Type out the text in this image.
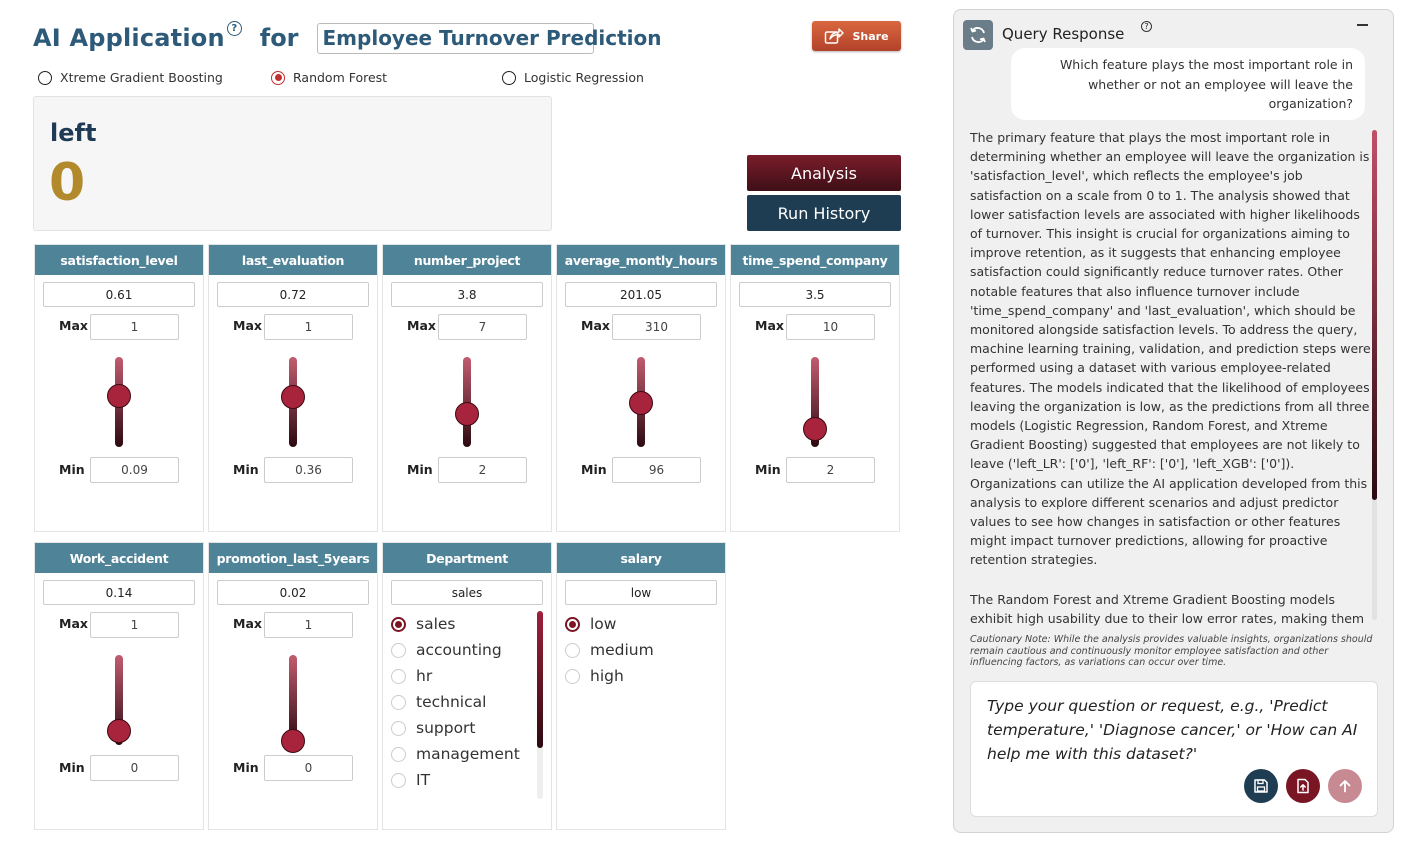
AI Application ? for	Employee Turnover Prediction	Share
Xtreme Gradient Boosting	Random Forest	Logistic Regression
left
0	Analysis
Run History
satisfaction_level
0.61
Max	1
Min	0.09
last_evaluation
0.72
Max	1
Min	0.36
number_project
3.8
Max	7
Min	2
average_montly_hours
201.05
Max	310
Min	96
time_spend_company
3.5
Max	10
Min	2
Work_accident
0.14
Max	1
Min	0
promotion_last_5years
0.02
Max	1
Min	0
Department
sales
sales
accounting
hr
technical
support
management
IT
salary
low
low
medium
high
Query Response	?
Which feature plays the most important role in whether or not an employee will leave the organization?

The primary feature that plays the most important role in determining whether an employee will leave the organization is 'satisfaction_level', which reflects the employee's job satisfaction on a scale from 0 to 1. The analysis showed that lower satisfaction levels are associated with higher likelihoods of turnover. This insight is crucial for organizations aiming to improve retention, as it suggests that enhancing employee satisfaction could significantly reduce turnover rates. Other notable features that also influence turnover include 'time_spend_company' and 'last_evaluation', which should be monitored alongside satisfaction levels. To address the query, machine learning training, validation, and prediction steps were performed using a dataset with various employee-related features. The models indicated that the likelihood of employees leaving the organization is low, as the predictions from all three models (Logistic Regression, Random Forest, and Xtreme Gradient Boosting) suggested that employees are not likely to leave ('left_LR': ['0'], 'left_RF': ['0'], 'left_XGB': ['0']). Organizations can utilize the AI application developed from this analysis to explore different scenarios and adjust predictor values to see how changes in satisfaction or other features might impact turnover predictions, allowing for proactive retention strategies.

The Random Forest and Xtreme Gradient Boosting models exhibit high usability due to their low error rates, making them

Cautionary Note: While the analysis provides valuable insights, organizations should remain cautious and continuously monitor employee satisfaction and other influencing factors, as variations can occur over time.
Type your question or request, e.g., 'Predict temperature,' 'Diagnose cancer,' or 'How can AI help me with this dataset?'
